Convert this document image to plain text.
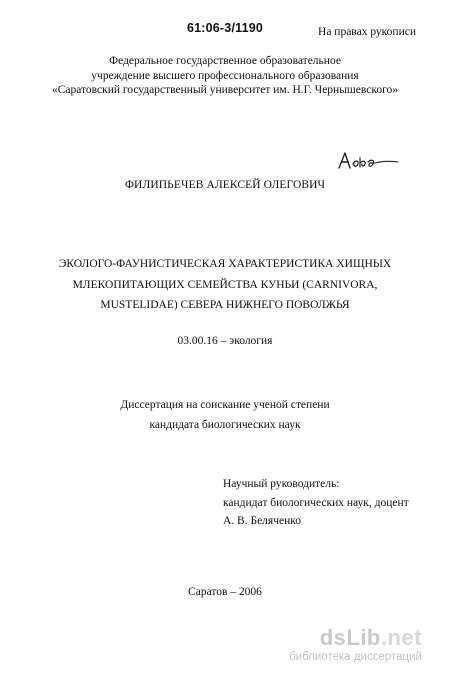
61:06-3/1190	На правах рукописи
Федеральное государственное образовательное
учреждение высшего профессионального образования
«Саратовский государственный университет им. Н.Г. Чернышевского»
ФИЛИПЬЕЧЕВ АЛЕКСЕЙ ОЛЕГОВИЧ
ЭКОЛОГО-ФАУНИСТИЧЕСКАЯ ХАРАКТЕРИСТИКА ХИЩНЫХ
МЛЕКОПИТАЮЩИХ СЕМЕЙСТВА КУНЬИ (CARNIVORA,
MUSTELIDAE) СЕВЕРА НИЖНЕГО ПОВОЛЖЬЯ
03.00.16 – экология
Диссертация на соискание ученой степени
кандидата биологических наук
Научный руководитель:
кандидат биологических наук, доцент
А. В. Беляченко
Саратов – 2006
dsLib.net
библиотека диссертаций
